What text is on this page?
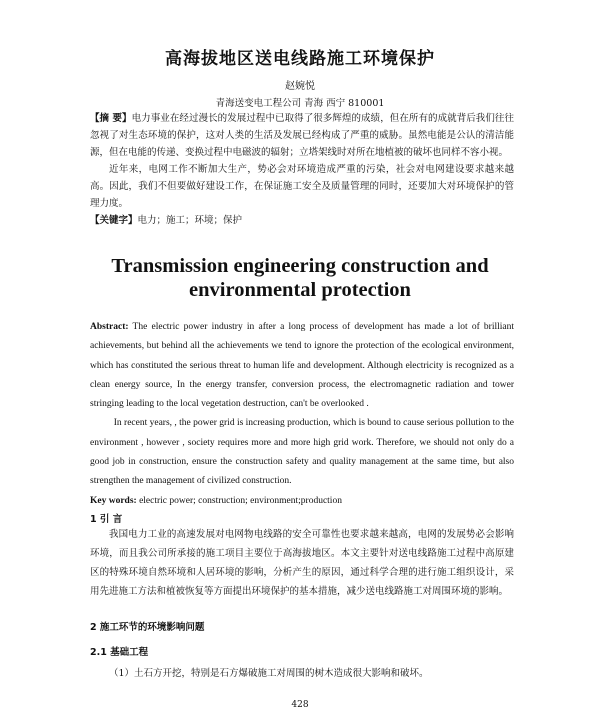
高海拔地区送电线路施工环境保护
赵婉悦
青海送变电工程公司 青海 西宁 810001

【摘 要】电力事业在经过漫长的发展过程中已取得了很多辉煌的成绩，但在所有的成就背后我们往往忽视了对生态环境的保护，这对人类的生活及发展已经构成了严重的威胁。虽然电能是公认的清洁能源，但在电能的传递、变换过程中电磁波的辐射；立塔架线时对所在地植被的破坏也同样不容小视。

近年来，电网工作不断加大生产，势必会对环境造成严重的污染，社会对电网建设要求越来越高。因此，我们不但要做好建设工作，在保证施工安全及质量管理的同时，还要加大对环境保护的管理力度。

【关键字】电力；施工；环境；保护

Transmission engineering construction and environmental protection

Abstract: The electric power industry in after a long process of development has made a lot of brilliant achievements, but behind all the achievements we tend to ignore the protection of the ecological environment, which has constituted the serious threat to human life and development. Although electricity is recognized as a clean energy source, In the energy transfer, conversion process, the electromagnetic radiation and tower stringing leading to the local vegetation destruction, can't be overlooked .

In recent years, , the power grid is increasing production, which is bound to cause serious pollution to the environment , however , society requires more and more high grid work. Therefore, we should not only do a good job in construction, ensure the construction safety and quality management at the same time, but also strengthen the management of civilized construction.

Key words: electric power; construction; environment;production

1 引 言

我国电力工业的高速发展对电网物电线路的安全可靠性也要求越来越高，电网的发展势必会影响环境，而且我公司所承接的施工项目主要位于高海拔地区。本文主要针对送电线路施工过程中高原建区的特殊环境自然环境和人居环境的影响，分析产生的原因，通过科学合理的进行施工组织设计，采用先进施工方法和植被恢复等方面提出环境保护的基本措施，减少送电线路施工对周围环境的影响。

2 施工环节的环境影响问题
2.1 基础工程

（1）土石方开挖，特别是石方爆破施工对周围的树木造成很大影响和破坏。

428
